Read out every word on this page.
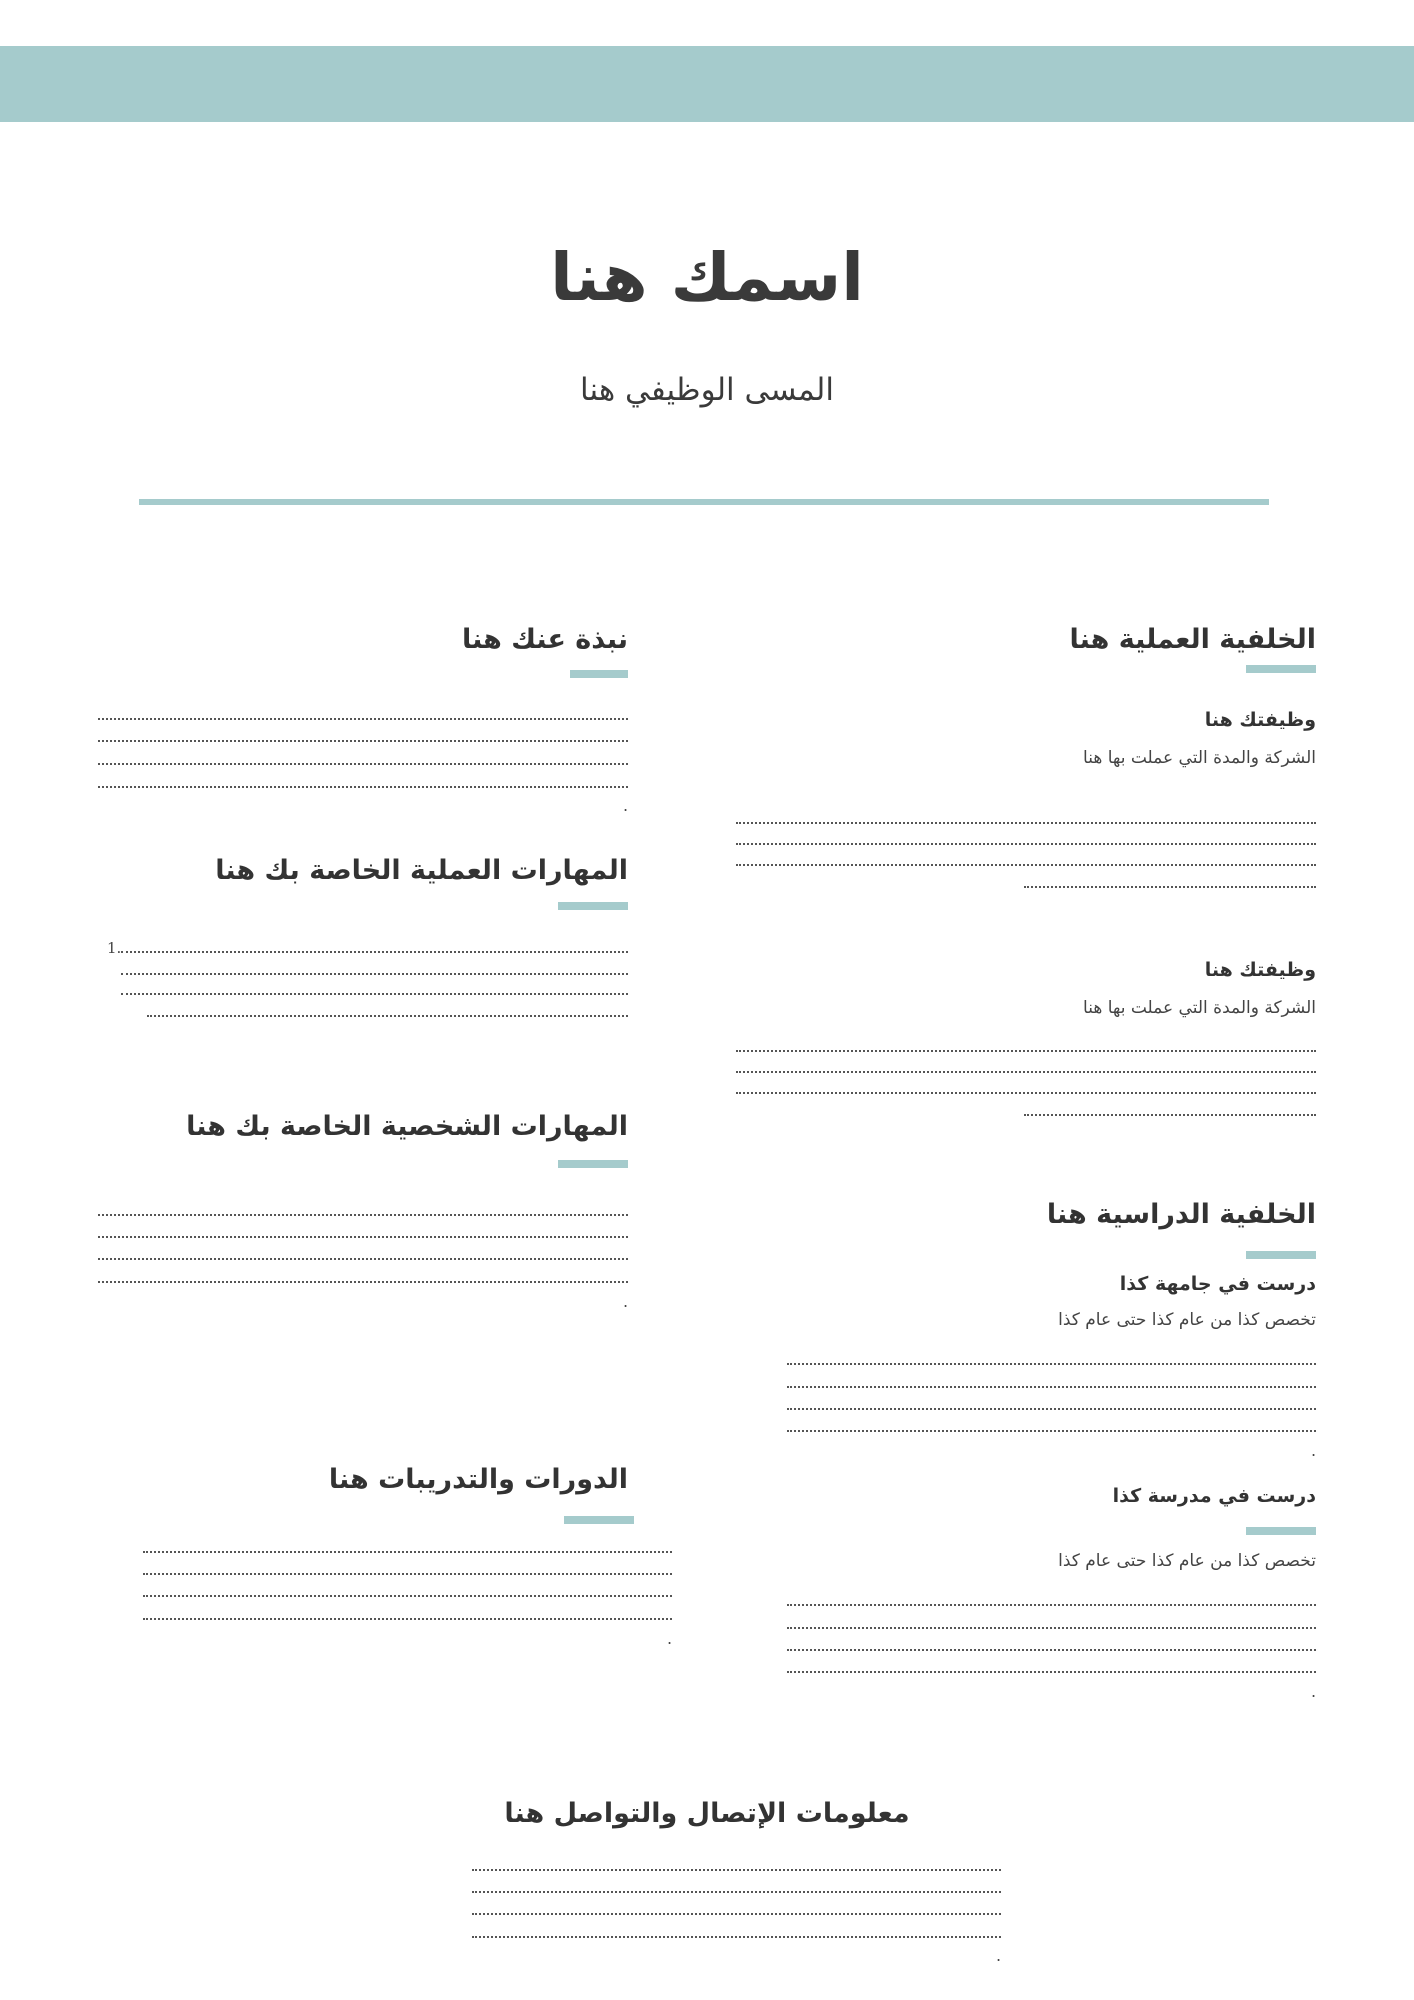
اسمك هنا
المسى الوظيفي هنا
الخلفية العملية هنا
وظيفتك هنا
الشركة والمدة التي عملت بها هنا
وظيفتك هنا
الشركة والمدة التي عملت بها هنا
الخلفية الدراسية هنا
درست في جامهة كذا
تخصص كذا من عام كذا حتى عام كذا
.
درست في مدرسة كذا
تخصص كذا من عام كذا حتى عام كذا
.
نبذة عنك هنا
.
المهارات العملية الخاصة بك هنا
1.
المهارات الشخصية الخاصة بك هنا
.
الدورات والتدريبات هنا
.
معلومات الإتصال والتواصل هنا
.
